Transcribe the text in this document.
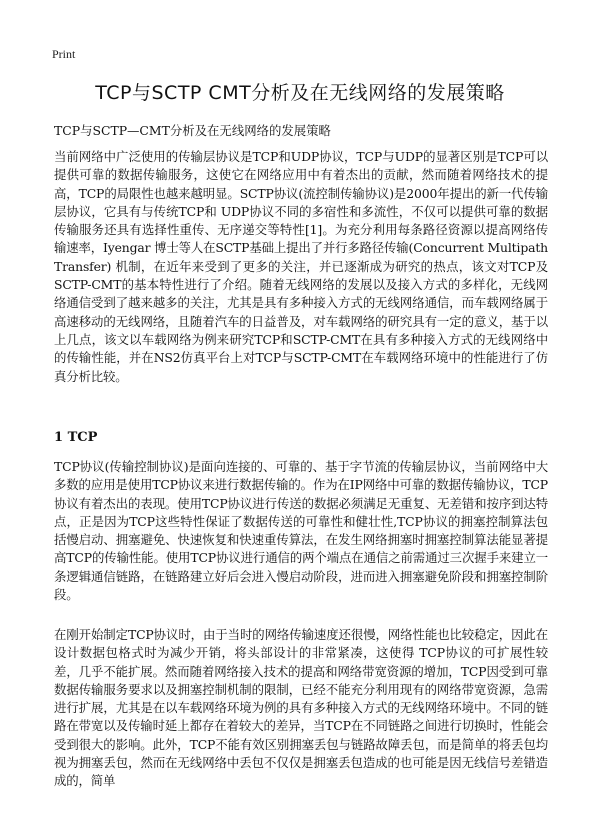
Print
TCP与SCTP CMT分析及在无线网络的发展策略

TCP与SCTP—CMT分析及在无线网络的发展策略

当前网络中广泛使用的传输层协议是TCP和UDP协议，TCP与UDP的显著区别是TCP可以提供可靠的数据传输服务，这使它在网络应用中有着杰出的贡献，然而随着网络技术的提高，TCP的局限性也越来越明显。SCTP协议(流控制传输协议)是2000年提出的新一代传输层协议，它具有与传统TCP和 UDP协议不同的多宿性和多流性，不仅可以提供可靠的数据传输服务还具有选择性重传、无序递交等特性[1]。为充分利用每条路径资源以提高网络传输速率，Iyengar 博士等人在SCTP基础上提出了并行多路径传输(Concurrent Multipath Transfer) 机制，在近年来受到了更多的关注，并已逐渐成为研究的热点，该文对TCP及SCTP-CMT的基本特性进行了介绍。随着无线网络的发展以及接入方式的多样化，无线网络通信受到了越来越多的关注，尤其是具有多种接入方式的无线网络通信，而车载网络属于高速移动的无线网络，且随着汽车的日益普及，对车载网络的研究具有一定的意义，基于以上几点，该文以车载网络为例来研究TCP和SCTP-CMT在具有多种接入方式的无线网络中的传输性能，并在NS2仿真平台上对TCP与SCTP-CMT在车载网络环境中的性能进行了仿真分析比较。

1 TCP

TCP协议(传输控制协议)是面向连接的、可靠的、基于字节流的传输层协议，当前网络中大多数的应用是使用TCP协议来进行数据传输的。作为在IP网络中可靠的数据传输协议，TCP协议有着杰出的表现。使用TCP协议进行传送的数据必须满足无重复、无差错和按序到达特点，正是因为TCP这些特性保证了数据传送的可靠性和健壮性,TCP协议的拥塞控制算法包括慢启动、拥塞避免、快速恢复和快速重传算法，在发生网络拥塞时拥塞控制算法能显著提高TCP的传输性能。使用TCP协议进行通信的两个端点在通信之前需通过三次握手来建立一条逻辑通信链路，在链路建立好后会进入慢启动阶段，进而进入拥塞避免阶段和拥塞控制阶段。

在刚开始制定TCP协议时，由于当时的网络传输速度还很慢，网络性能也比较稳定，因此在设计数据包格式时为减少开销，将头部设计的非常紧凑，这使得 TCP协议的可扩展性较差，几乎不能扩展。然而随着网络接入技术的提高和网络带宽资源的增加，TCP因受到可靠数据传输服务要求以及拥塞控制机制的限制，已经不能充分利用现有的网络带宽资源，急需进行扩展，尤其是在以车载网络环境为例的具有多种接入方式的无线网络环境中。不同的链路在带宽以及传输时延上都存在着较大的差异，当TCP在不同链路之间进行切换时，性能会受到很大的影响。此外，TCP不能有效区别拥塞丢包与链路故障丢包，而是简单的将丢包均视为拥塞丢包，然而在无线网络中丢包不仅仅是拥塞丢包造成的也可能是因无线信号差错造成的，简单
